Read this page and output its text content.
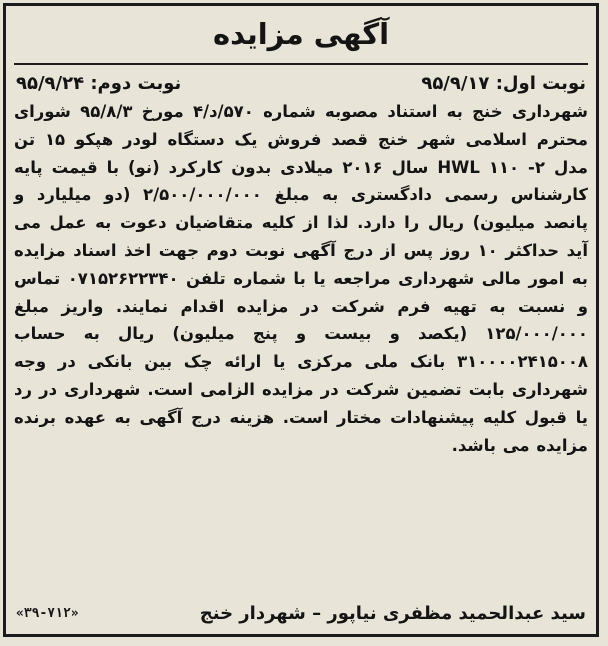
آگهی مزایده
نوبت اول: ۹۵/۹/۱۷
نوبت دوم: ۹۵/۹/۲۴

شهرداری خنج به استناد مصوبه شماره ۵۷۰/د/۴ مورخ ۹۵/۸/۳ شورای محترم اسلامی شهر خنج قصد فروش یک دستگاه لودر هپکو ۱۵ تن مدل ۲- HWL ۱۱۰ سال ۲۰۱۶ میلادی بدون کارکرد (نو) با قیمت پایه کارشناس رسمی دادگستری به مبلغ ۲/۵۰۰/۰۰۰/۰۰۰ (دو میلیارد و پانصد میلیون) ریال را دارد. لذا از کلیه متقاضیان دعوت به عمل می آید حداکثر ۱۰ روز پس از درج آگهی نوبت دوم جهت اخذ اسناد مزایده به امور مالی شهرداری مراجعه یا با شماره تلفن ۰۷۱۵۲۶۲۲۳۴۰ تماس و نسبت به تهیه فرم شرکت در مزایده اقدام نمایند. واریز مبلغ ۱۲۵/۰۰۰/۰۰۰ (یکصد و بیست و پنج میلیون) ریال به حساب ۳۱۰۰۰۰۲۴۱۵۰۰۸ بانک ملی مرکزی یا ارائه چک بین بانکی در وجه شهرداری بابت تضمین شرکت در مزایده الزامی است. شهرداری در رد یا قبول کلیه پیشنهادات مختار است. هزینه درج آگهی به عهده برنده مزایده می باشد.

سید عبدالحمید مظفری نیاپور – شهردار خنج
«۳۹-۷۱۲»
